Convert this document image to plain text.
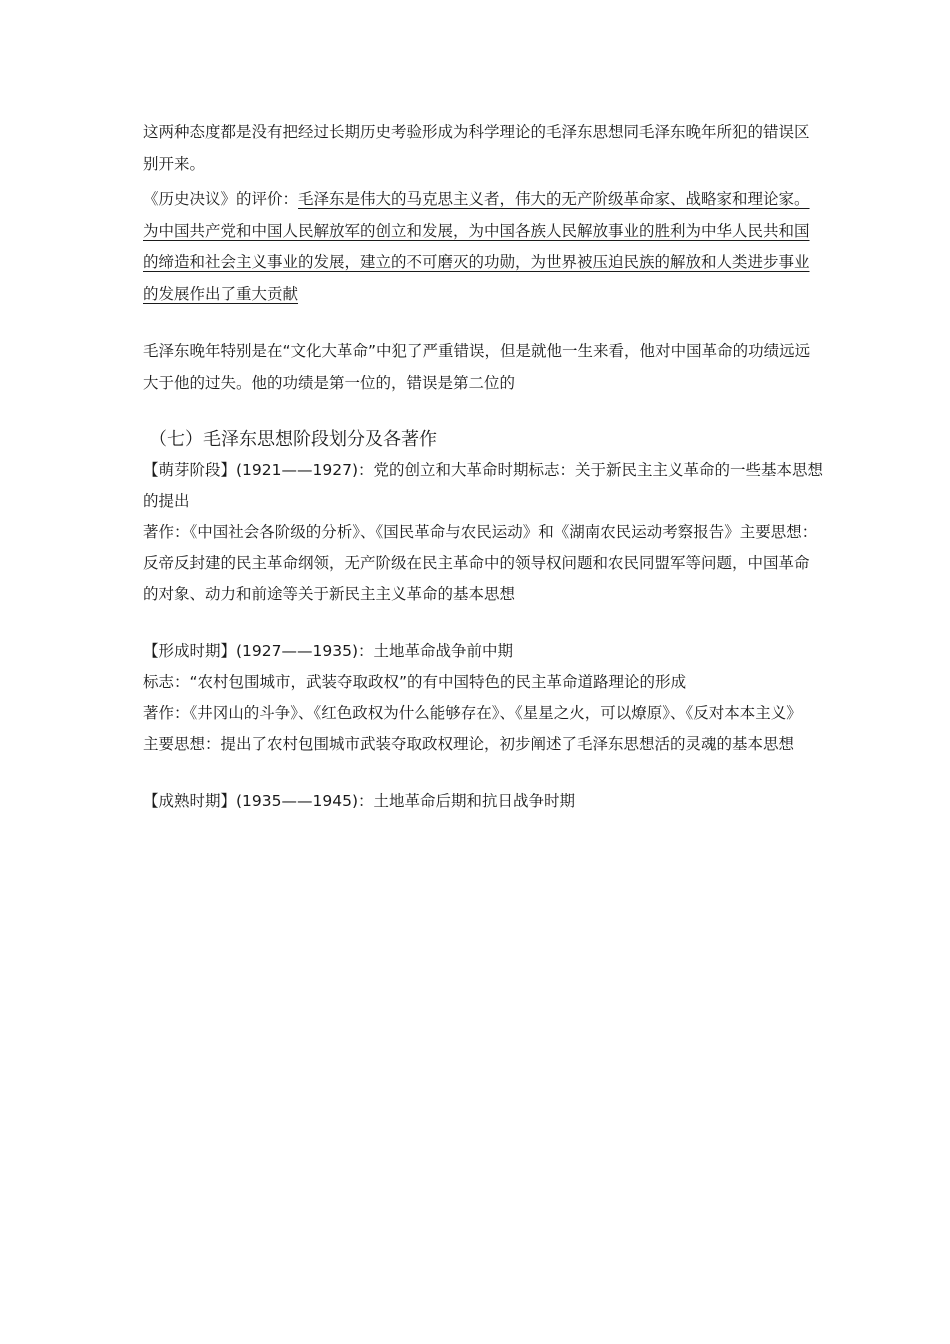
这两种态度都是没有把经过长期历史考验形成为科学理论的毛泽东思想同毛泽东晚年所犯的错误区别开来。

《历史决议》的评价：毛泽东是伟大的马克思主义者，伟大的无产阶级革命家、战略家和理论家。为中国共产党和中国人民解放军的创立和发展，为中国各族人民解放事业的胜利为中华人民共和国的缔造和社会主义事业的发展，建立的不可磨灭的功勋，为世界被压迫民族的解放和人类进步事业的发展作出了重大贡献

毛泽东晚年特别是在“文化大革命”中犯了严重错误，但是就他一生来看，他对中国革命的功绩远远大于他的过失。他的功绩是第一位的，错误是第二位的

（七）毛泽东思想阶段划分及各著作

【萌芽阶段】(1921——1927)：党的创立和大革命时期标志：关于新民主主义革命的一些基本思想的提出

著作：《中国社会各阶级的分析》、《国民革命与农民运动》和《湖南农民运动考察报告》主要思想：反帝反封建的民主革命纲领，无产阶级在民主革命中的领导权问题和农民同盟军等问题，中国革命的对象、动力和前途等关于新民主主义革命的基本思想

【形成时期】(1927——1935)：土地革命战争前中期

标志：“农村包围城市，武装夺取政权”的有中国特色的民主革命道路理论的形成

著作：《井冈山的斗争》、《红色政权为什么能够存在》、《星星之火，可以燎原》、《反对本本主义》

主要思想：提出了农村包围城市武装夺取政权理论，初步阐述了毛泽东思想活的灵魂的基本思想

【成熟时期】(1935——1945)：土地革命后期和抗日战争时期
